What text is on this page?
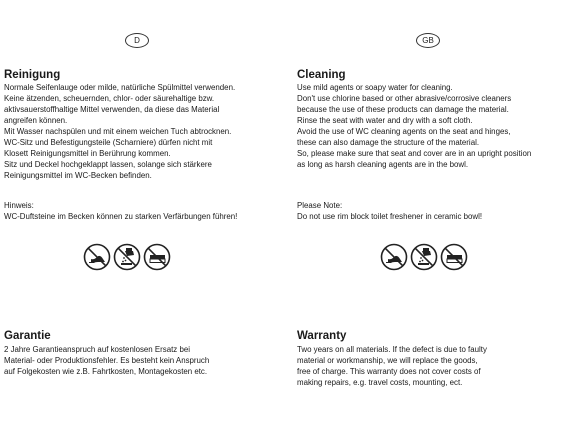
D
Reinigung

Normale Seifenlauge oder milde, natürliche Spülmittel verwenden.
Keine ätzenden, scheuernden, chlor- oder säurehaltige bzw.
aktivsauerstoffhaltige Mittel verwenden, da diese das Material
angreifen können.
Mit Wasser nachspülen und mit einem weichen Tuch abtrocknen.
WC-Sitz und Befestigungsteile (Scharniere) dürfen nicht mit
Klosett Reinigungsmittel in Berührung kommen.
Sitz und Deckel hochgeklappt lassen, solange sich stärkere
Reinigungsmittel im WC-Becken befinden.

Hinweis:

WC-Duftsteine im Becken können zu starken Verfärbungen führen!

Garantie

2 Jahre Garantieanspruch auf kostenlosen Ersatz bei
Material- oder Produktionsfehler. Es besteht kein Anspruch
auf Folgekosten wie z.B. Fahrtkosten, Montagekosten etc.

GB
Cleaning

Use mild agents or soapy water for cleaning.
Don't use chlorine based or other abrasive/corrosive cleaners
because the use of these products can damage the material.
Rinse the seat with water and dry with a soft cloth.
Avoid the use of WC cleaning agents on the seat and hinges,
these can also damage the structure of the material.
So, please make sure that seat and cover are in an upright position
as long as harsh cleaning agents are in the bowl.

Please Note:

Do not use rim block toilet freshener in ceramic bowl!

Warranty

Two years on all materials. If the defect is due to faulty
material or workmanship, we will replace the goods,
free of charge. This warranty does not cover costs of
making repairs, e.g. travel costs, mounting, ect.
